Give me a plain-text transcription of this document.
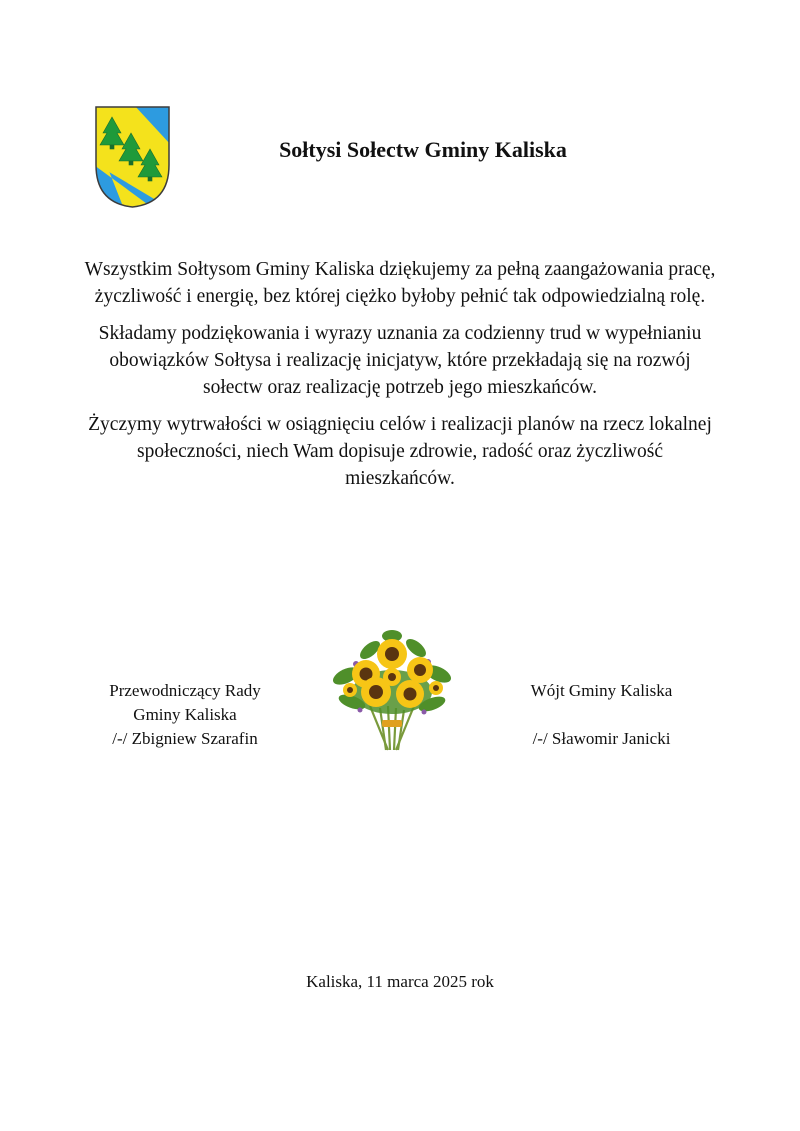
Sołtysi Sołectw Gminy Kaliska

Wszystkim Sołtysom Gminy Kaliska dziękujemy za pełną zaangażowania pracę, życzliwość i energię, bez której ciężko byłoby pełnić tak odpowiedzialną rolę.

Składamy podziękowania i wyrazy uznania za codzienny trud w wypełnianiu obowiązków Sołtysa i realizację inicjatyw, które przekładają się na rozwój sołectw oraz realizację potrzeb jego mieszkańców.

Życzymy wytrwałości w osiągnięciu celów i realizacji planów na rzecz lokalnej społeczności, niech Wam dopisuje zdrowie, radość oraz życzliwość mieszkańców.

Przewodniczący Rady
Gminy Kaliska
/-/ Zbigniew Szarafin
Wójt Gminy Kaliska
/-/ Sławomir Janicki
Kaliska, 11 marca 2025 rok
